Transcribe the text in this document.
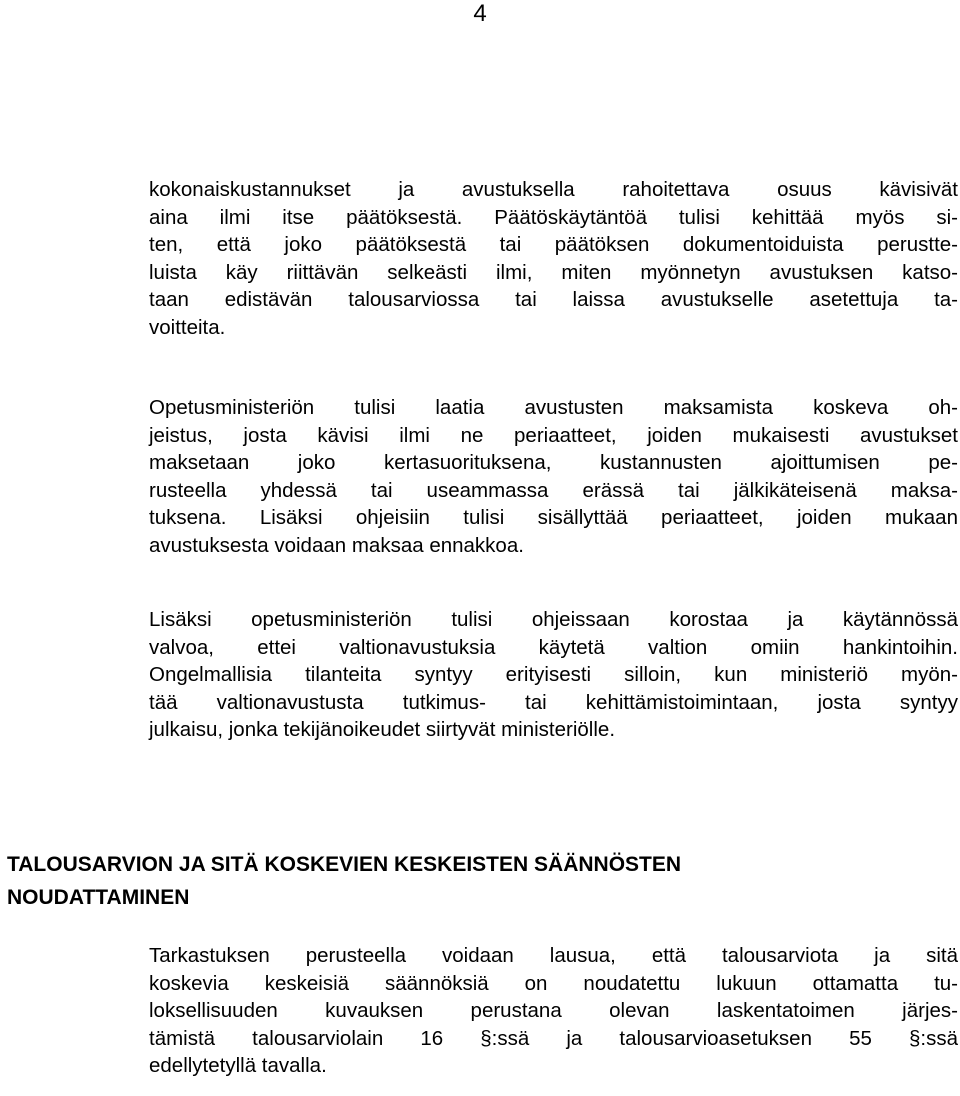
4

kokonaiskustannukset ja avustuksella rahoitettava osuus kävisivät
aina ilmi itse päätöksestä. Päätöskäytäntöä tulisi kehittää myös si-
ten, että joko päätöksestä tai päätöksen dokumentoiduista perustte-
luista käy riittävän selkeästi ilmi, miten myönnetyn avustuksen katso-
taan edistävän talousarviossa tai laissa avustukselle asetettuja ta-
voitteita.

Opetusministeriön tulisi laatia avustusten maksamista koskeva oh-
jeistus, josta kävisi ilmi ne periaatteet, joiden mukaisesti avustukset
maksetaan joko kertasuorituksena, kustannusten ajoittumisen pe-
rusteella yhdessä tai useammassa erässä tai jälkikäteisenä maksa-
tuksena. Lisäksi ohjeisiin tulisi sisällyttää periaatteet, joiden mukaan
avustuksesta voidaan maksaa ennakkoa.

Lisäksi opetusministeriön tulisi ohjeissaan korostaa ja käytännössä
valvoa, ettei valtionavustuksia käytetä valtion omiin hankintoihin.
Ongelmallisia tilanteita syntyy erityisesti silloin, kun ministeriö myön-
tää valtionavustusta tutkimus- tai kehittämistoimintaan, josta syntyy
julkaisu, jonka tekijänoikeudet siirtyvät ministeriölle.

TALOUSARVION JA SITÄ KOSKEVIEN KESKEISTEN SÄÄNNÖSTEN
NOUDATTAMINEN

Tarkastuksen perusteella voidaan lausua, että talousarviota ja sitä
koskevia keskeisiä säännöksiä on noudatettu lukuun ottamatta tu-
loksellisuuden kuvauksen perustana olevan laskentatoimen järjes-
tämistä talousarviolain 16 §:ssä ja talousarvioasetuksen 55 §:ssä
edellytetyllä tavalla.
